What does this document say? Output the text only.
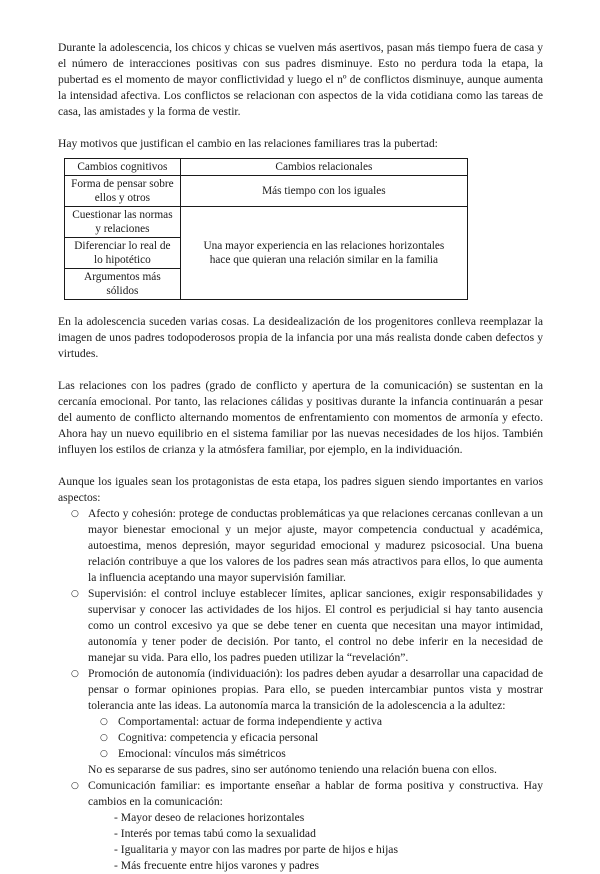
Durante la adolescencia, los chicos y chicas se vuelven más asertivos, pasan más tiempo fuera de casa y el número de interacciones positivas con sus padres disminuye. Esto no perdura toda la etapa, la pubertad es el momento de mayor conflictividad y luego el nº de conflictos disminuye, aunque aumenta la intensidad afectiva. Los conflictos se relacionan con aspectos de la vida cotidiana como las tareas de casa, las amistades y la forma de vestir.

Hay motivos que justifican el cambio en las relaciones familiares tras la pubertad:

Cambios cognitivos	Cambios relacionales
Forma de pensar sobre ellos y otros	Más tiempo con los iguales
Cuestionar las normas y relaciones	Una mayor experiencia en las relaciones horizontales hace que quieran una relación similar en la familia
Diferenciar lo real de lo hipotético	
Argumentos más sólidos	

En la adolescencia suceden varias cosas. La desidealización de los progenitores conlleva reemplazar la imagen de unos padres todopoderosos propia de la infancia por una más realista donde caben defectos y virtudes.

Las relaciones con los padres (grado de conflicto y apertura de la comunicación) se sustentan en la cercanía emocional. Por tanto, las relaciones cálidas y positivas durante la infancia continuarán a pesar del aumento de conflicto alternando momentos de enfrentamiento con momentos de armonía y efecto. Ahora hay un nuevo equilibrio en el sistema familiar por las nuevas necesidades de los hijos. También influyen los estilos de crianza y la atmósfera familiar, por ejemplo, en la individuación.

Aunque los iguales sean los protagonistas de esta etapa, los padres siguen siendo importantes en varios aspectos:

○ Afecto y cohesión: protege de conductas problemáticas ya que relaciones cercanas conllevan a un mayor bienestar emocional y un mejor ajuste, mayor competencia conductual y académica, autoestima, menos depresión, mayor seguridad emocional y madurez psicosocial. Una buena relación contribuye a que los valores de los padres sean más atractivos para ellos, lo que aumenta la influencia aceptando una mayor supervisión familiar.
○ Supervisión: el control incluye establecer límites, aplicar sanciones, exigir responsabilidades y supervisar y conocer las actividades de los hijos. El control es perjudicial si hay tanto ausencia como un control excesivo ya que se debe tener en cuenta que necesitan una mayor intimidad, autonomía y tener poder de decisión. Por tanto, el control no debe inferir en la necesidad de manejar su vida. Para ello, los padres pueden utilizar la “revelación”.
○ Promoción de autonomía (individuación): los padres deben ayudar a desarrollar una capacidad de pensar o formar opiniones propias. Para ello, se pueden intercambiar puntos vista y mostrar tolerancia ante las ideas. La autonomía marca la transición de la adolescencia a la adultez:
○ Comportamental: actuar de forma independiente y activa
○ Cognitiva: competencia y eficacia personal
○ Emocional: vínculos más simétricos
No es separarse de sus padres, sino ser autónomo teniendo una relación buena con ellos.
○ Comunicación familiar: es importante enseñar a hablar de forma positiva y constructiva. Hay cambios en la comunicación:
- Mayor deseo de relaciones horizontales
- Interés por temas tabú como la sexualidad
- Igualitaria y mayor con las madres por parte de hijos e hijas
- Más frecuente entre hijos varones y padres
